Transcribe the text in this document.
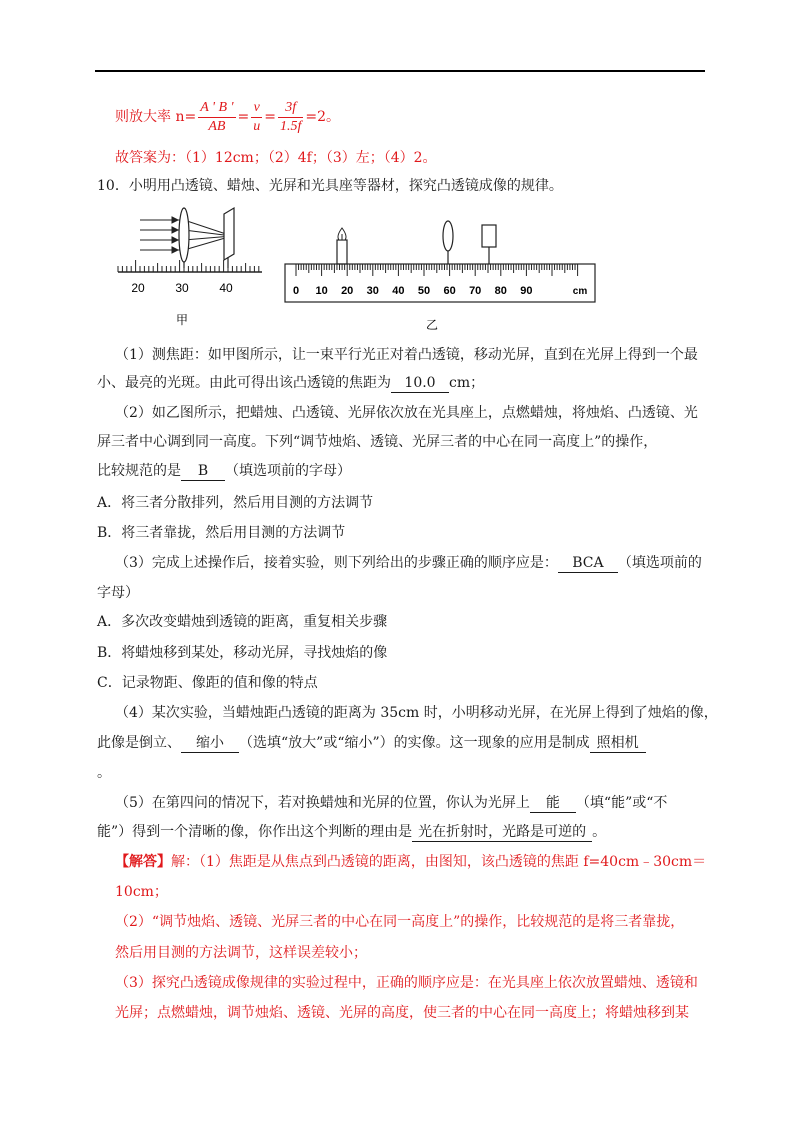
则放大率 $n= \frac{A ' B '}{AB} = \frac{v}{u} = \frac{3f}{1.5f} =2$。
故答案为：（1）12cm；（2）4f；（3）左；（4）2。
10．小明用凸透镜、蜡烛、光屏和光具座等器材，探究凸透镜成像的规律。
20	30	40
甲
0 10 20 30 40 50 60 70 80 90	cm
乙
（1）测焦距：如甲图所示，让一束平行光正对着凸透镜，移动光屏，直到在光屏上得到一个最
小、最亮的光斑。由此可得出该凸透镜的焦距为 10.0 cm；
（2）如乙图所示，把蜡烛、凸透镜、光屏依次放在光具座上，点燃蜡烛，将烛焰、凸透镜、光
屏三者中心调到同一高度。下列“调节烛焰、透镜、光屏三者的中心在同一高度上”的操作，
比较规范的是 B （填选项前的字母）
A．将三者分散排列，然后用目测的方法调节
B．将三者靠拢，然后用目测的方法调节
（3）完成上述操作后，接着实验，则下列给出的步骤正确的顺序应是： BCA （填选项前的
字母）
A．多次改变蜡烛到透镜的距离，重复相关步骤
B．将蜡烛移到某处，移动光屏，寻找烛焰的像
C．记录物距、像距的值和像的特点
（4）某次实验，当蜡烛距凸透镜的距离为 35cm 时，小明移动光屏，在光屏上得到了烛焰的像，
此像是倒立、 缩小 （选填“放大”或“缩小”）的实像。这一现象的应用是制成 照相机
。
（5）在第四问的情况下，若对换蜡烛和光屏的位置，你认为光屏上 能 （填“能”或“不
能”）得到一个清晰的像，你作出这个判断的理由是 光在折射时，光路是可逆的 。
【解答】解：（1）焦距是从焦点到凸透镜的距离，由图知，该凸透镜的焦距 f=40cm﹣30cm＝
10cm；
（2）“调节烛焰、透镜、光屏三者的中心在同一高度上”的操作，比较规范的是将三者靠拢，
然后用目测的方法调节，这样误差较小；
（3）探究凸透镜成像规律的实验过程中，正确的顺序应是：在光具座上依次放置蜡烛、透镜和
光屏；点燃蜡烛，调节烛焰、透镜、光屏的高度，使三者的中心在同一高度上；将蜡烛移到某
